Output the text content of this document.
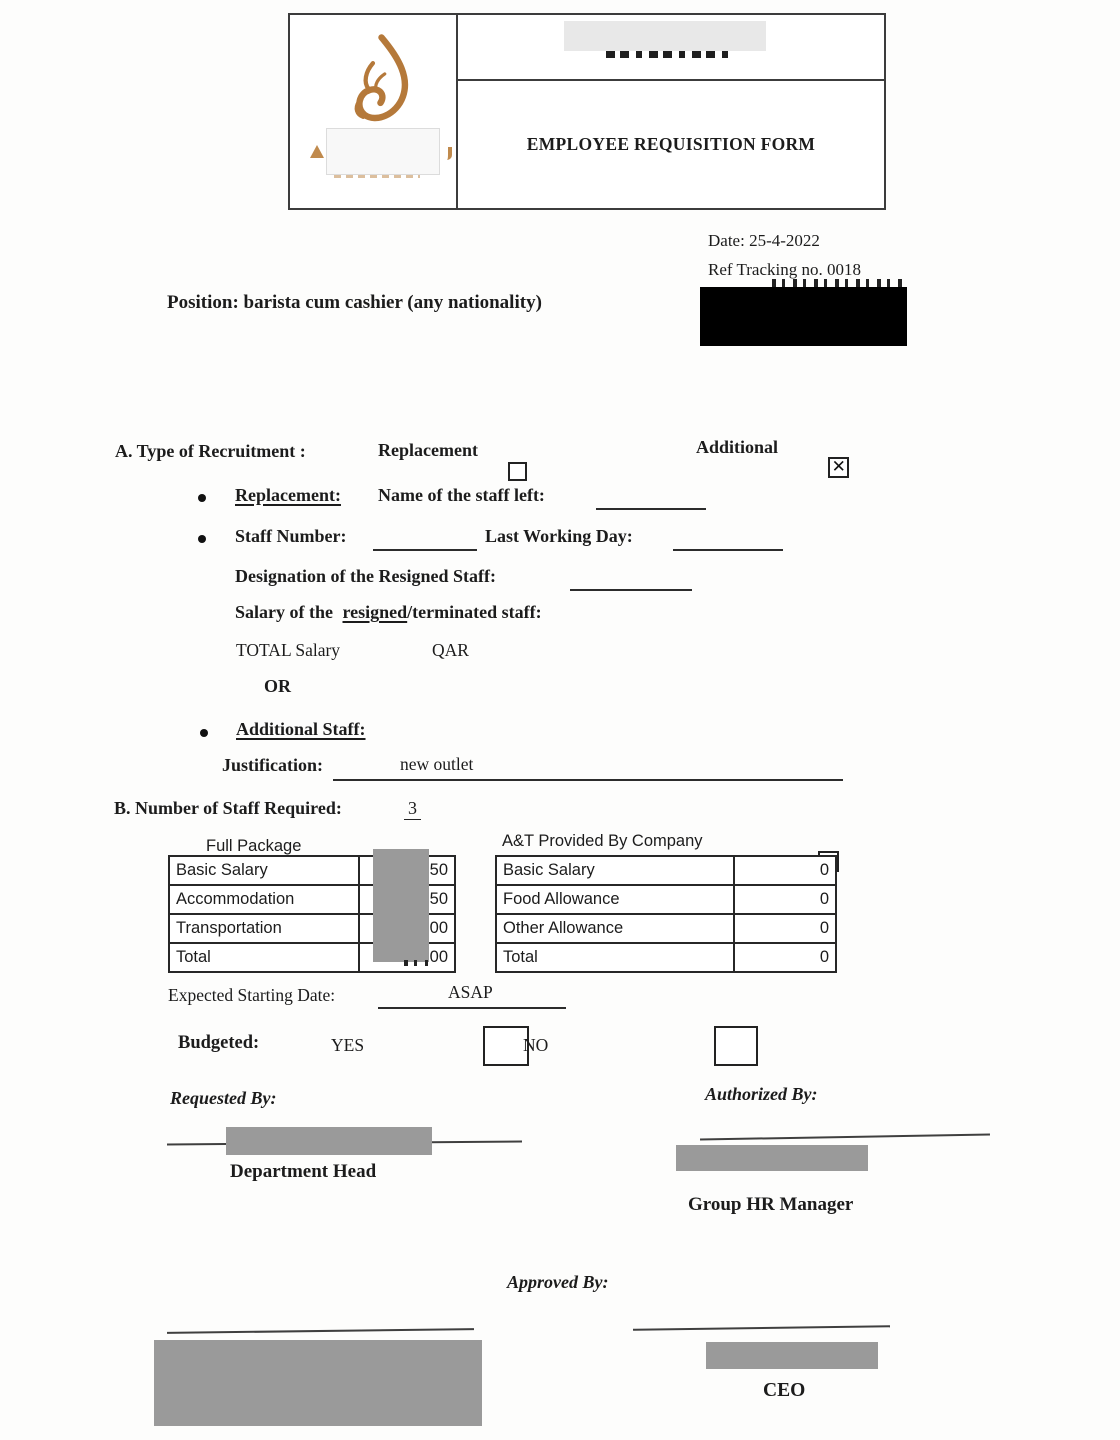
EMPLOYEE REQUISITION FORM
Date: 25-4-2022
Ref Tracking no. 0018
Position: barista cum cashier (any nationality)
A. Type of Recruitment :	Replacement
	Additional
✕

Replacement: Name of the staff left:
Staff Number:	Last Working Day:
Designation of the Resigned Staff:
Salary of the resigned/terminated staff:
TOTAL Salary	QAR
OR
Additional Staff:
Justification:	new outlet
B. Number of Staff Required:	3
Full Package

Basic Salary	50
Accommodation	50
Transportation	00
Total	00
A&T Provided By Company

Basic Salary	0
Food Allowance	0
Other Allowance	0
Total	0
Expected Starting Date:	ASAP
Budgeted:	YES
	NO
Requested By:
Department Head
Authorized By:
Group HR Manager
Approved By:
CEO
